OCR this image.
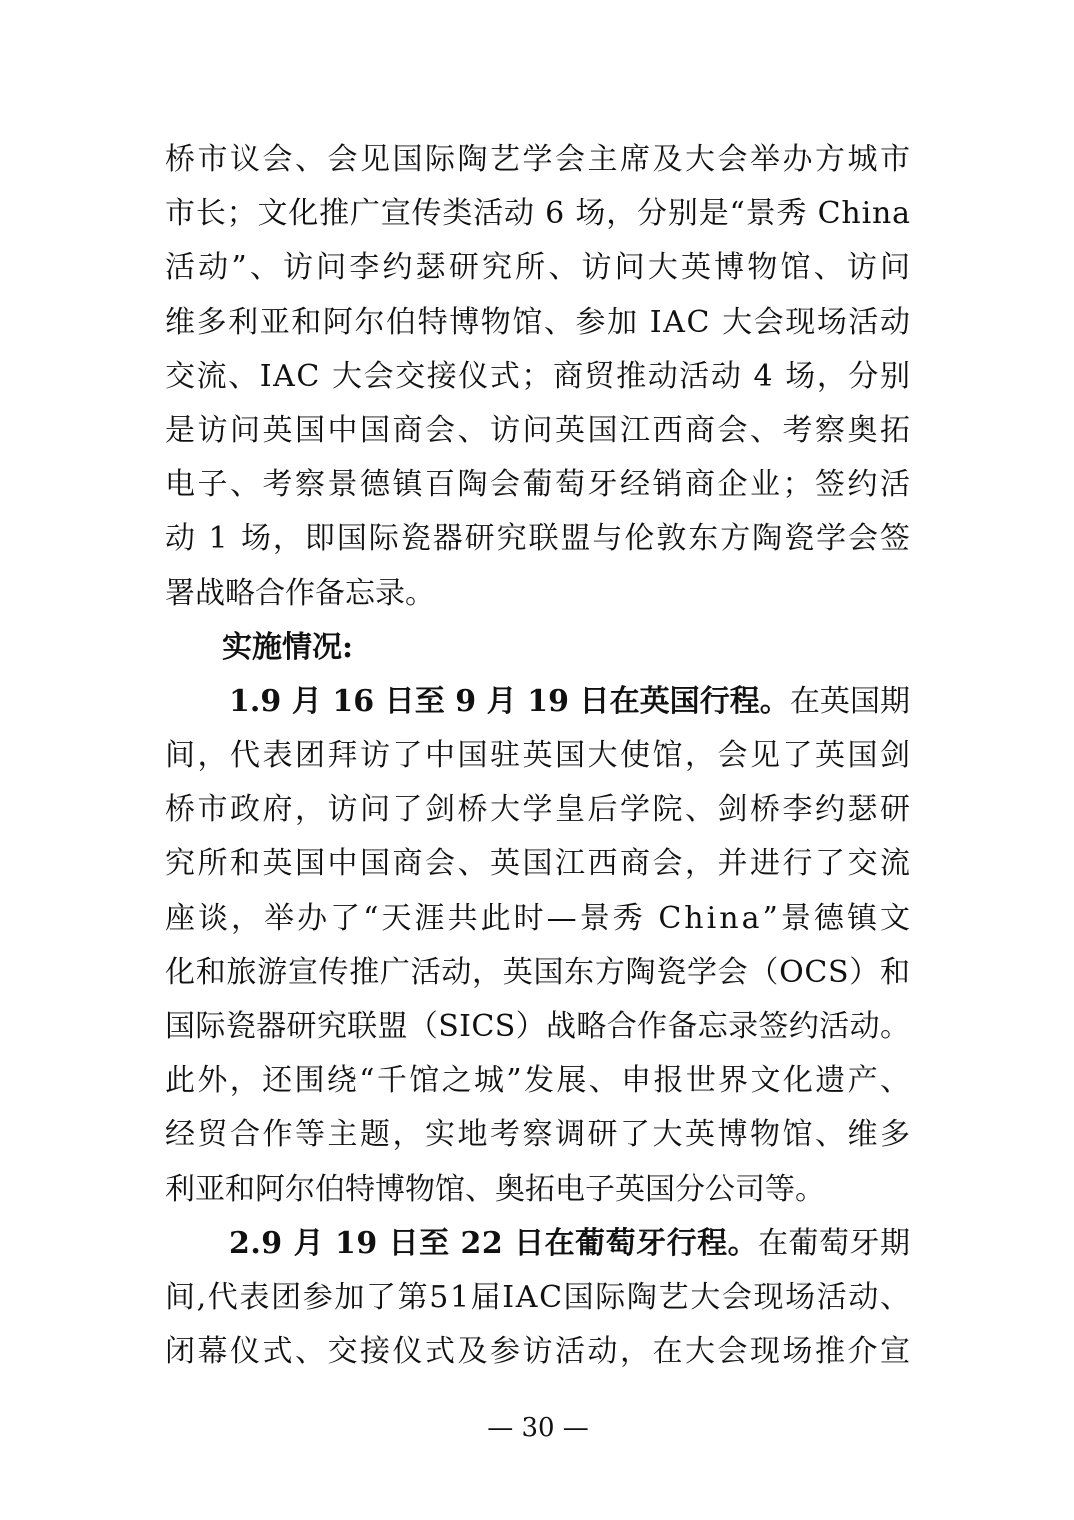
桥市议会、会见国际陶艺学会主席及大会举办方城市
市长；文化推广宣传类活动 6 场，分别是“景秀 China
活动”、访问李约瑟研究所、访问大英博物馆、访问
维多利亚和阿尔伯特博物馆、参加 IAC 大会现场活动
交流、IAC 大会交接仪式；商贸推动活动 4 场，分别
是访问英国中国商会、访问英国江西商会、考察奥拓
电子、考察景德镇百陶会葡萄牙经销商企业；签约活
动 1 场，即国际瓷器研究联盟与伦敦东方陶瓷学会签
署战略合作备忘录。
实施情况:
1.9 月 16 日至 9 月 19 日在英国行程。在英国期
间，代表团拜访了中国驻英国大使馆，会见了英国剑
桥市政府，访问了剑桥大学皇后学院、剑桥李约瑟研
究所和英国中国商会、英国江西商会，并进行了交流
座谈，举办了“天涯共此时—景秀 China”景德镇文
化和旅游宣传推广活动，英国东方陶瓷学会（OCS）和
国际瓷器研究联盟（SICS）战略合作备忘录签约活动。
此外，还围绕“千馆之城”发展、申报世界文化遗产、
经贸合作等主题，实地考察调研了大英博物馆、维多
利亚和阿尔伯特博物馆、奥拓电子英国分公司等。
2.9 月 19 日至 22 日在葡萄牙行程。在葡萄牙期
间,代表团参加了第51届IAC国际陶艺大会现场活动、
闭幕仪式、交接仪式及参访活动，在大会现场推介宣
— 30 —
